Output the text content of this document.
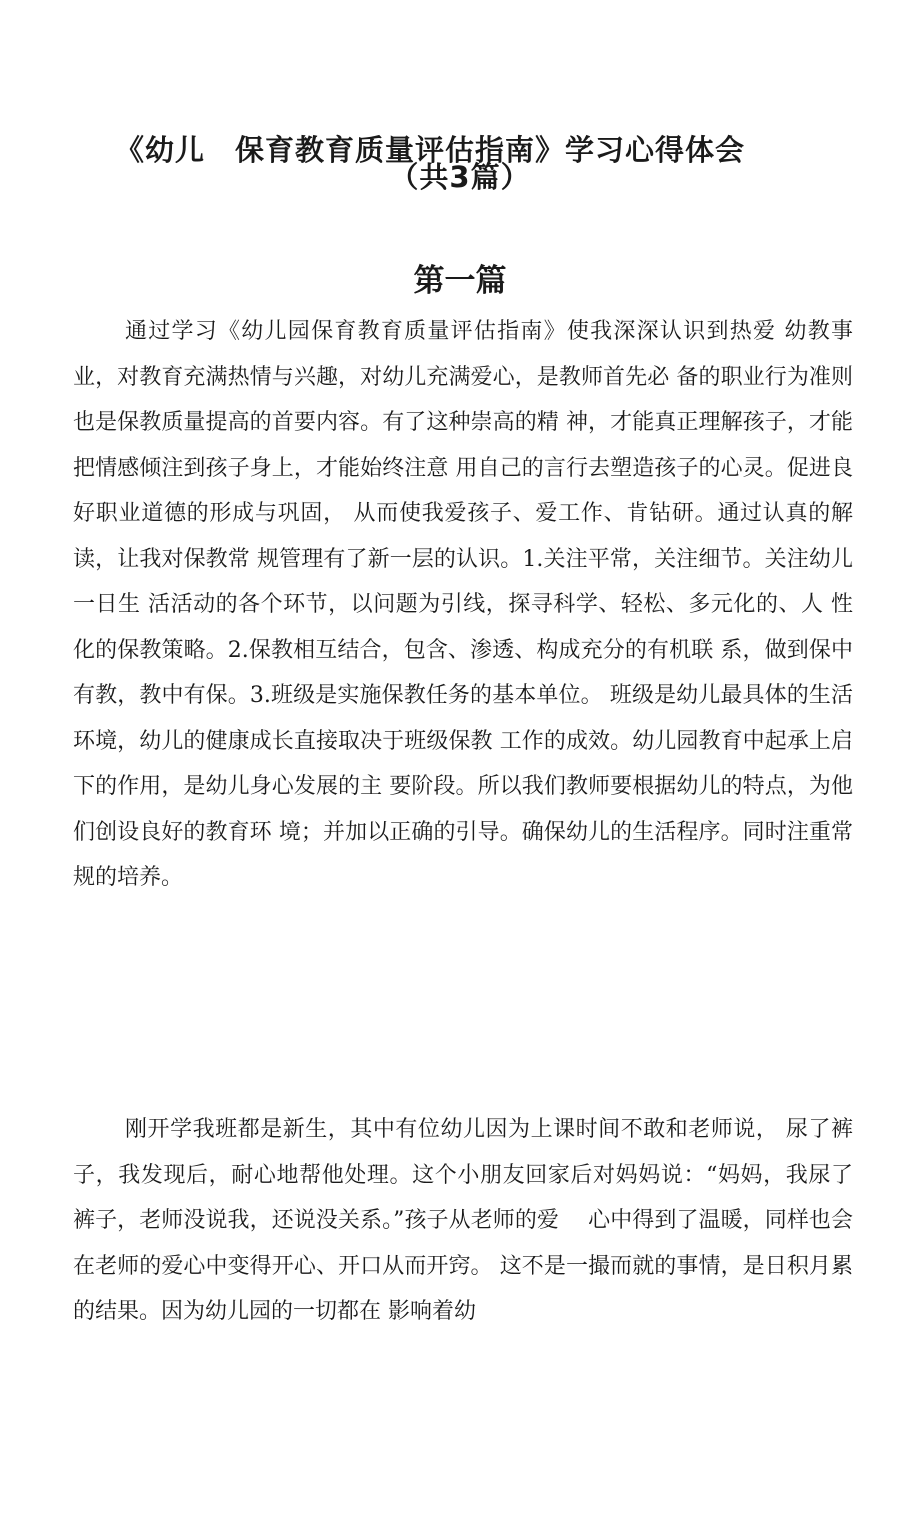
《幼儿　保育教育质量评估指南》学习心得体会
（共3篇）
第一篇

通过学习《幼儿园保育教育质量评估指南》使我深深认识到热爱 幼教事业，对教育充满热情与兴趣，对幼儿充满爱心，是教师首先必 备的职业行为准则也是保教质量提高的首要内容。有了这种崇高的精 神，才能真正理解孩子，才能把情感倾注到孩子身上，才能始终注意 用自己的言行去塑造孩子的心灵。促进良好职业道德的形成与巩固， 从而使我爱孩子、爱工作、肯钻研。通过认真的解读，让我对保教常 规管理有了新一层的认识。1.关注平常，关注细节。关注幼儿一日生 活活动的各个环节，以问题为引线，探寻科学、轻松、多元化的、人 性化的保教策略。2.保教相互结合，包含、渗透、构成充分的有机联 系，做到保中有教，教中有保。3.班级是实施保教任务的基本单位。 班级是幼儿最具体的生活环境，幼儿的健康成长直接取决于班级保教 工作的成效。幼儿园教育中起承上启下的作用，是幼儿身心发展的主 要阶段。所以我们教师要根据幼儿的特点，为他们创设良好的教育环 境；并加以正确的引导。确保幼儿的生活程序。同时注重常规的培养。

刚开学我班都是新生，其中有位幼儿因为上课时间不敢和老师说， 尿了裤子，我发现后，耐心地帮他处理。这个小朋友回家后对妈妈说：“妈妈，我尿了裤子，老师没说我，还说没关系。”孩子从老师的爱　 心中得到了温暖，同样也会在老师的爱心中变得开心、开口从而开窍。 这不是一撮而就的事情，是日积月累的结果。因为幼儿园的一切都在 影响着幼
